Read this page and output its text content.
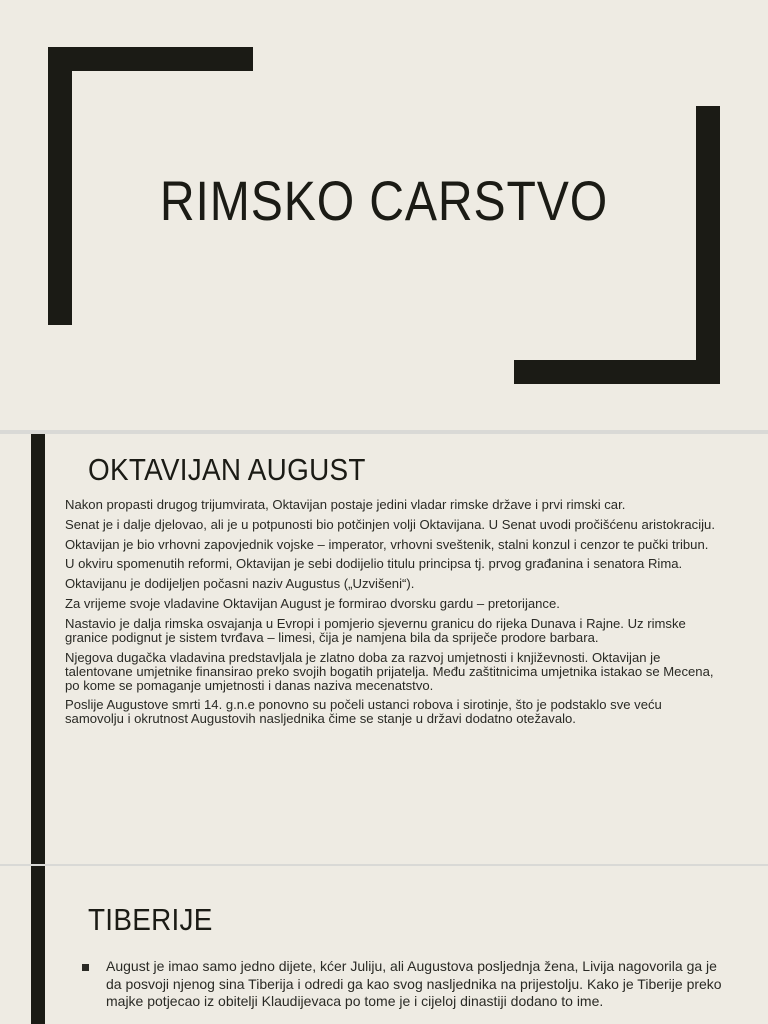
RIMSKO CARSTVO
OKTAVIJAN AUGUST
Nakon propasti drugog trijumvirata, Oktavijan postaje jedini vladar rimske države i prvi rimski car.
Senat je i dalje djelovao, ali je u potpunosti bio potčinjen volji Oktavijana. U Senat uvodi pročišćenu aristokraciju.
Oktavijan je bio vrhovni zapovjednik vojske – imperator, vrhovni sveštenik, stalni konzul i cenzor te pučki tribun.
U okviru spomenutih reformi, Oktavijan je sebi dodijelio titulu principsa tj. prvog građanina i senatora Rima.
Oktavijanu je dodijeljen počasni naziv Augustus („Uzvišeni“).
Za vrijeme svoje vladavine Oktavijan August je formirao dvorsku gardu – pretorijance.
Nastavio je dalja rimska osvajanja u Evropi i pomjerio sjevernu granicu do rijeka Dunava i Rajne. Uz rimske granice podignut je sistem tvrđava – limesi, čija je namjena bila da spriječe prodore barbara.
Njegova dugačka vladavina predstavljala je zlatno doba za razvoj umjetnosti i književnosti. Oktavijan je talentovane umjetnike finansirao preko svojih bogatih prijatelja. Među zaštitnicima umjetnika istakao se Mecena, po kome se pomaganje umjetnosti i danas naziva mecenatstvo.
Poslije Augustove smrti 14. g.n.e ponovno su počeli ustanci robova i sirotinje, što je podstaklo sve veću samovolju i okrutnost Augustovih nasljednika čime se stanje u državi dodatno otežavalo.
TIBERIJE
August je imao samo jedno dijete, kćer Juliju, ali Augustova posljednja žena, Livija nagovorila ga je da posvoji njenog sina Tiberija i odredi ga kao svog nasljednika na prijestolju. Kako je Tiberije preko majke potjecao iz obitelji Klaudijevaca po tome je i cijeloj dinastiji dodano to ime.
